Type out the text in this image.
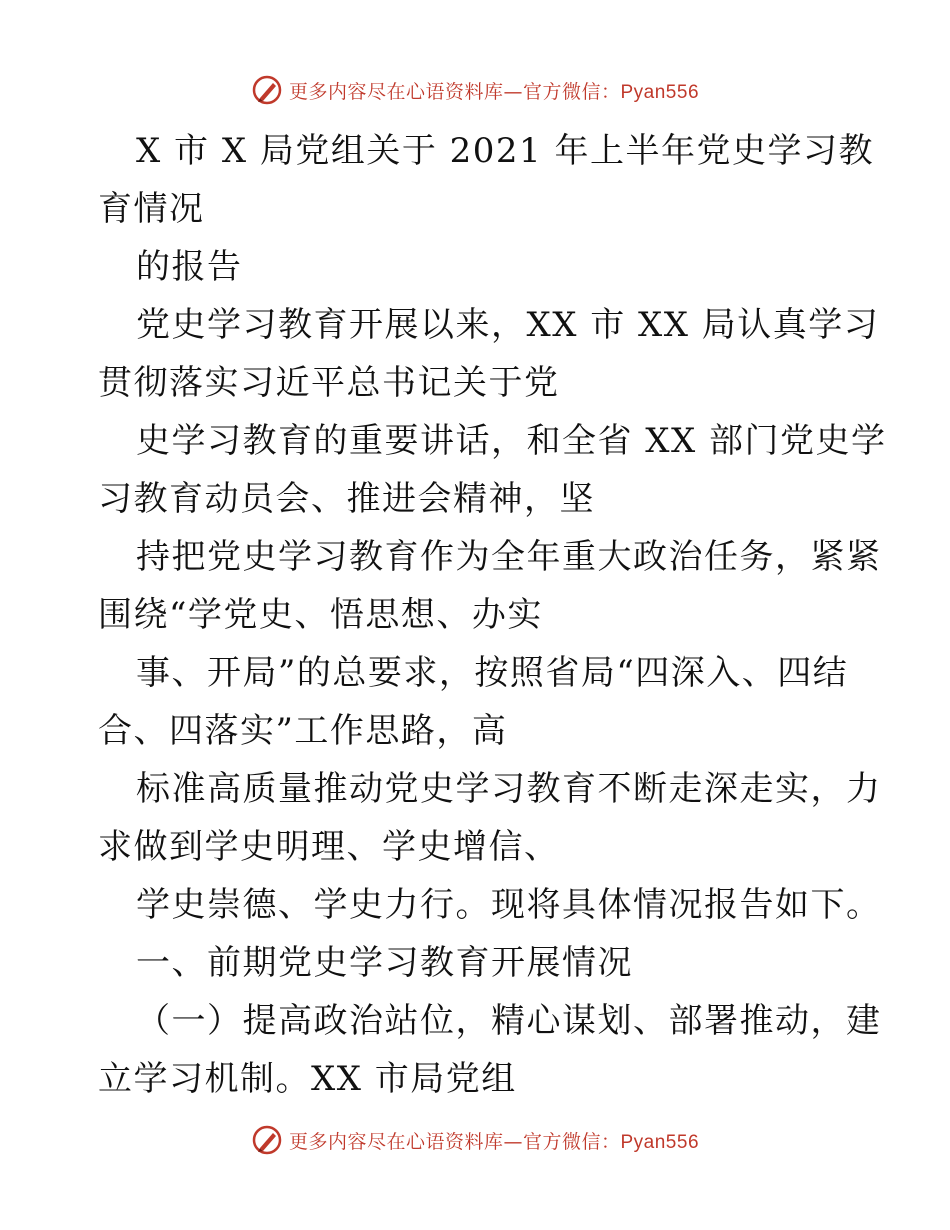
更多内容尽在心语资料库—官方微信：Pyan556
X 市 X 局党组关于 2021 年上半年党史学习教
育情况
的报告
党史学习教育开展以来，XX 市 XX 局认真学习
贯彻落实习近平总书记关于党
史学习教育的重要讲话，和全省 XX 部门党史学
习教育动员会、推进会精神，坚
持把党史学习教育作为全年重大政治任务，紧紧
围绕“学党史、悟思想、办实
事、开局”的总要求，按照省局“四深入、四结
合、四落实”工作思路，高
标准高质量推动党史学习教育不断走深走实，力
求做到学史明理、学史增信、
学史崇德、学史力行。现将具体情况报告如下。
一、前期党史学习教育开展情况
（一）提高政治站位，精心谋划、部署推动，建
立学习机制。XX 市局党组
更多内容尽在心语资料库—官方微信：Pyan556
